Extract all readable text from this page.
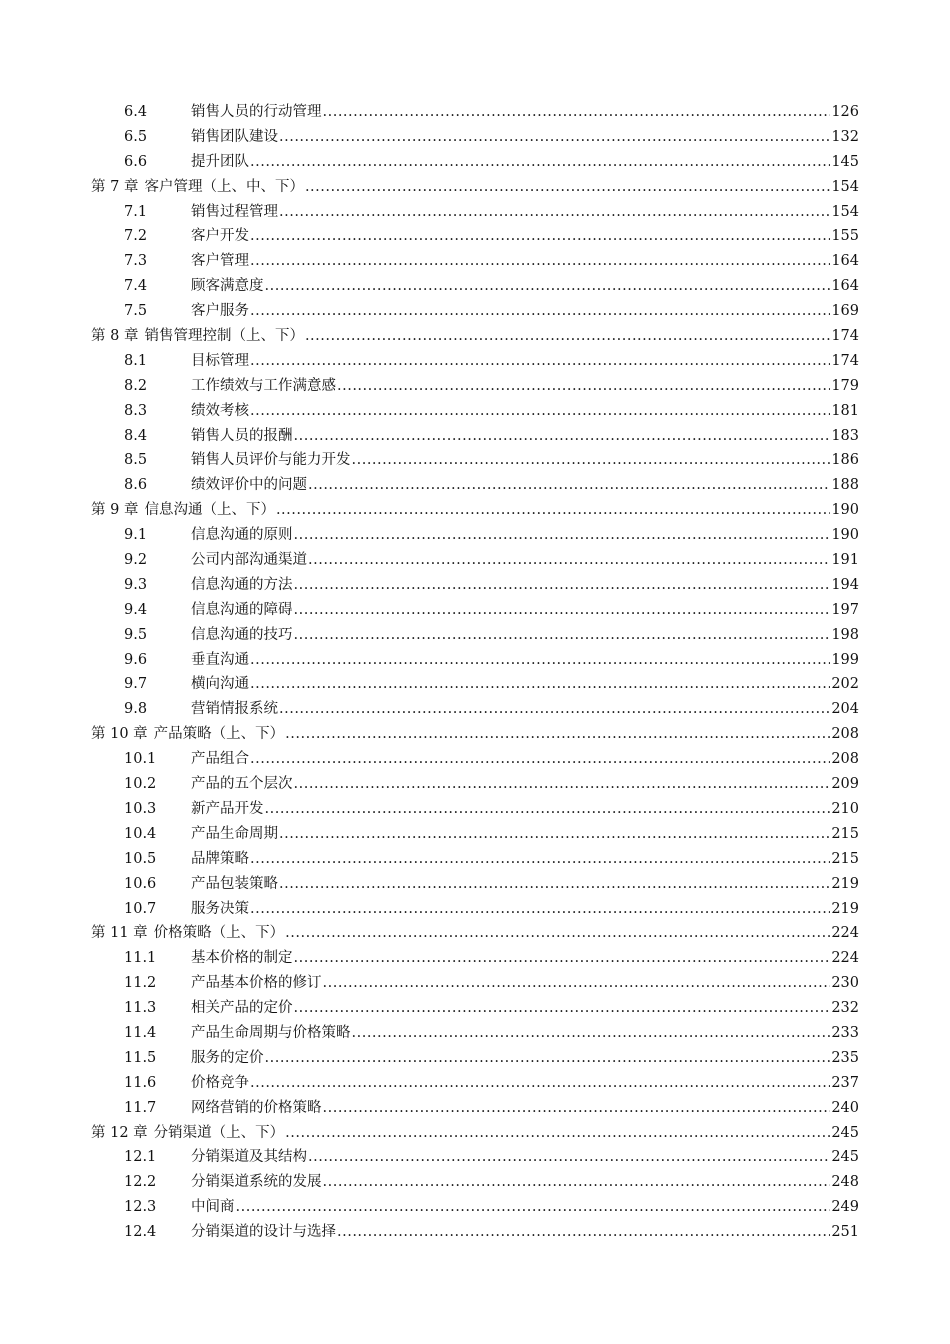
6.4	销售人员的行动管理 .....	126
6.5	销售团队建设 .....	132
6.6	提升团队 .....	145
第 7 章 客户管理（上、中、下） .....	154
7.1	销售过程管理 .....	154
7.2	客户开发 .....	155
7.3	客户管理 .....	164
7.4	顾客满意度 .....	164
7.5	客户服务 .....	169
第 8 章 销售管理控制（上、下） .....	174
8.1	目标管理 .....	174
8.2	工作绩效与工作满意感 .....	179
8.3	绩效考核 .....	181
8.4	销售人员的报酬 .....	183
8.5	销售人员评价与能力开发 .....	186
8.6	绩效评价中的问题 .....	188
第 9 章 信息沟通（上、下） .....	190
9.1	信息沟通的原则 .....	190
9.2	公司内部沟通渠道 .....	191
9.3	信息沟通的方法 .....	194
9.4	信息沟通的障碍 .....	197
9.5	信息沟通的技巧 .....	198
9.6	垂直沟通 .....	199
9.7	横向沟通 .....	202
9.8	营销情报系统 .....	204
第 10 章 产品策略（上、下） .....	208
10.1	产品组合 .....	208
10.2	产品的五个层次 .....	209
10.3	新产品开发 .....	210
10.4	产品生命周期 .....	215
10.5	品牌策略 .....	215
10.6	产品包装策略 .....	219
10.7	服务决策 .....	219
第 11 章 价格策略（上、下） .....	224
11.1	基本价格的制定 .....	224
11.2	产品基本价格的修订 .....	230
11.3	相关产品的定价 .....	232
11.4	产品生命周期与价格策略 .....	233
11.5	服务的定价 .....	235
11.6	价格竞争 .....	237
11.7	网络营销的价格策略 .....	240
第 12 章 分销渠道（上、下） .....	245
12.1	分销渠道及其结构 .....	245
12.2	分销渠道系统的发展 .....	248
12.3	中间商 .....	249
12.4	分销渠道的设计与选择 .....	251
